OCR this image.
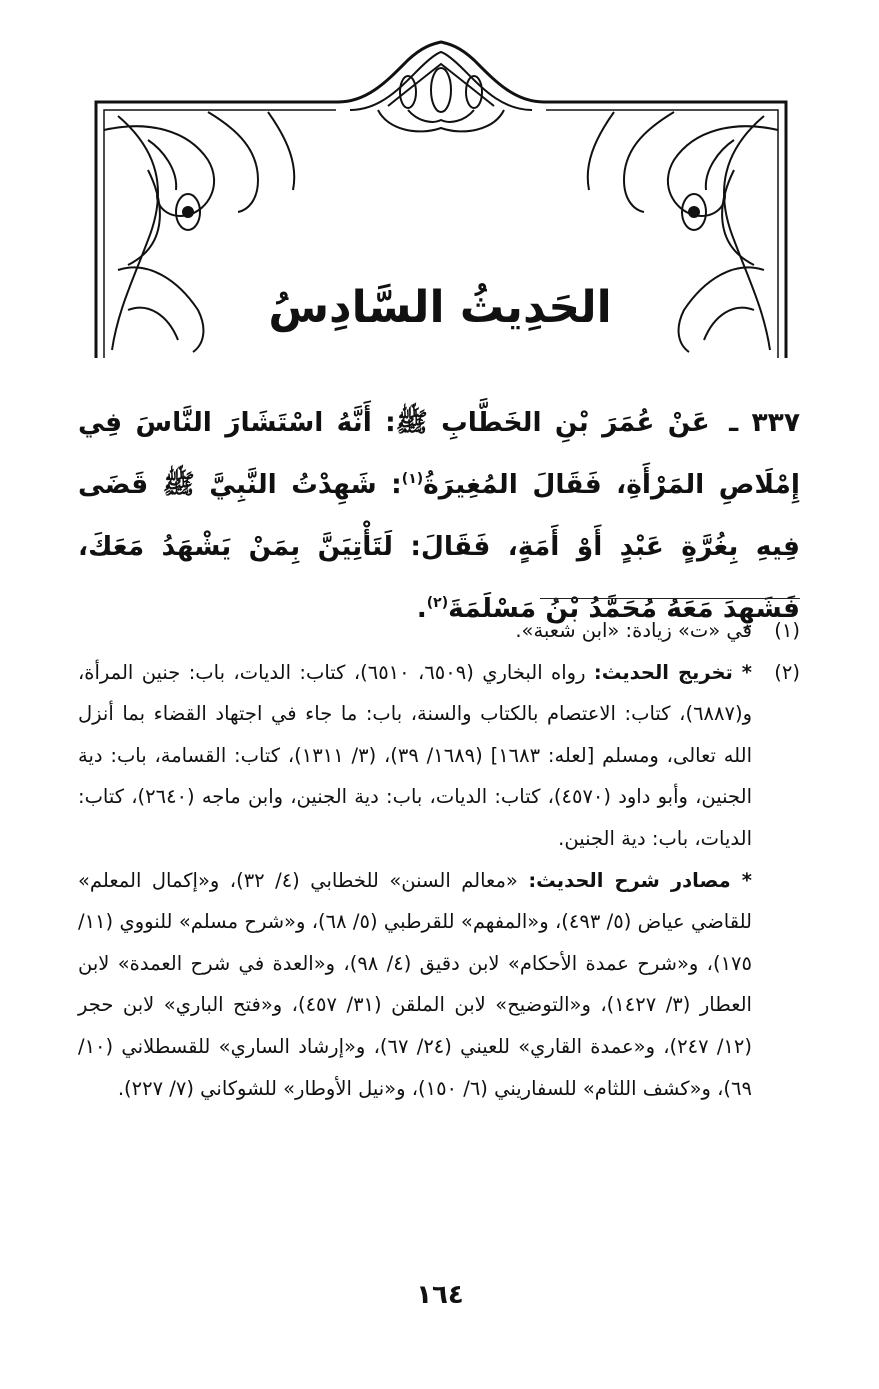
الحَدِيثُ السَّادِسُ
٣٣٧ ـ عَنْ عُمَرَ بْنِ الخَطَّابِ ﷺ: أَنَّهُ اسْتَشَارَ النَّاسَ فِي إِمْلَاصِ المَرْأَةِ، فَقَالَ المُغِيرَةُ$^{(١)}$: شَهِدْتُ النَّبِيَّ ﷺ قَضَى فِيهِ بِغُرَّةٍ عَبْدٍ أَوْ أَمَةٍ، فَقَالَ: لَتَأْتِيَنَّ بِمَنْ يَشْهَدُ مَعَكَ، فَشَهِدَ مَعَهُ مُحَمَّدُ بْنُ مَسْلَمَةَ$^{(٢)}$.
(١)
في «ت» زيادة: «ابن شعبة».
(٢)

* تخريج الحديث: رواه البخاري (٦٥٠٩، ٦٥١٠)، كتاب: الديات، باب: جنين المرأة، و(٦٨٨٧)، كتاب: الاعتصام بالكتاب والسنة، باب: ما جاء في اجتهاد القضاء بما أنزل الله تعالى، ومسلم [لعله: ١٦٨٣] (١٦٨٩/ ٣٩)، (٣/ ١٣١١)، كتاب: القسامة، باب: دية الجنين، وأبو داود (٤٥٧٠)، كتاب: الديات، باب: دية الجنين، وابن ماجه (٢٦٤٠)، كتاب: الديات، باب: دية الجنين.

* مصادر شرح الحديث: «معالم السنن» للخطابي (٤/ ٣٢)، و«إكمال المعلم» للقاضي عياض (٥/ ٤٩٣)، و«المفهم» للقرطبي (٥/ ٦٨)، و«شرح مسلم» للنووي (١١/ ١٧٥)، و«شرح عمدة الأحكام» لابن دقيق (٤/ ٩٨)، و«العدة في شرح العمدة» لابن العطار (٣/ ١٤٢٧)، و«التوضيح» لابن الملقن (٣١/ ٤٥٧)، و«فتح الباري» لابن حجر (١٢/ ٢٤٧)، و«عمدة القاري» للعيني (٢٤/ ٦٧)، و«إرشاد الساري» للقسطلاني (١٠/ ٦٩)، و«كشف اللثام» للسفاريني (٦/ ١٥٠)، و«نيل الأوطار» للشوكاني (٧/ ٢٢٧).

١٦٤
